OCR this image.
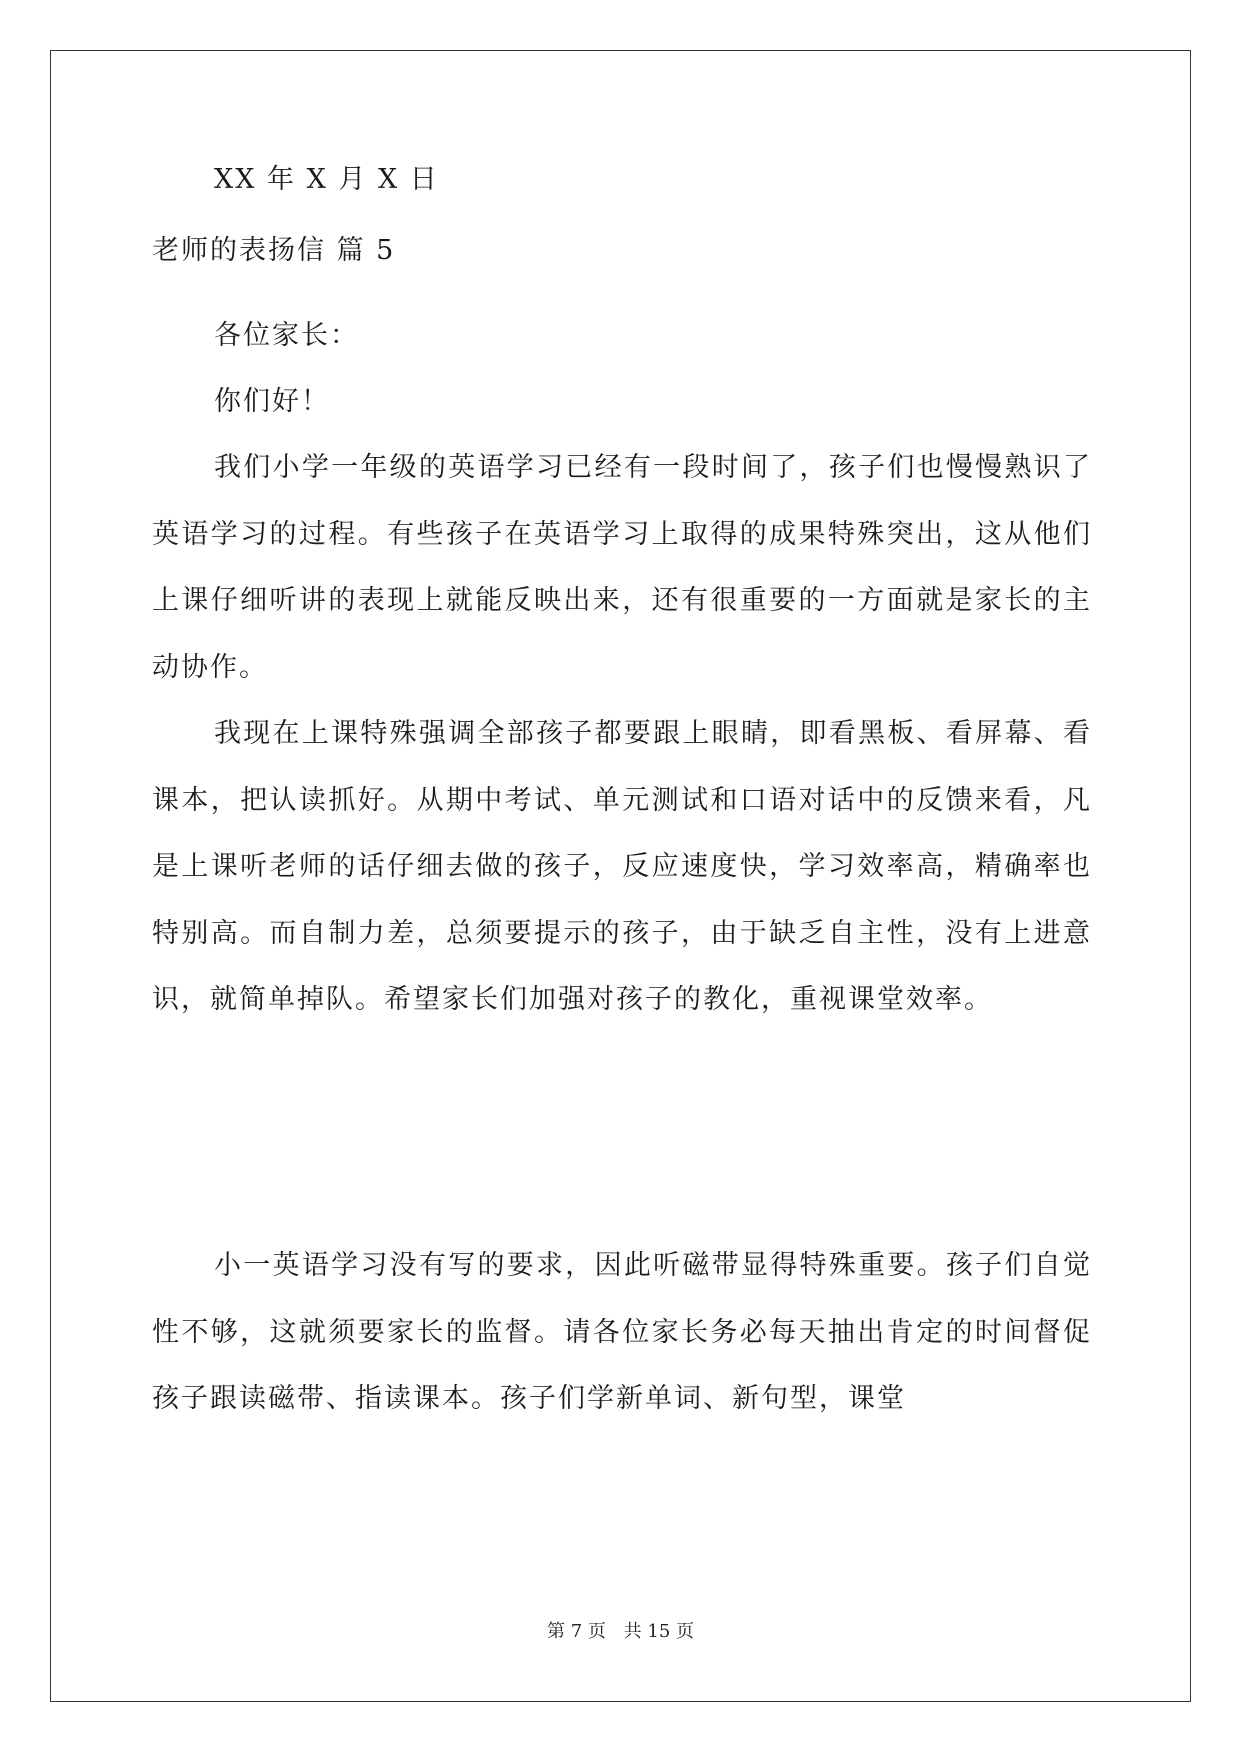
XX 年 X 月 X 日
老师的表扬信 篇 5
各位家长：
你们好！
我们小学一年级的英语学习已经有一段时间了，孩子们也慢慢熟识了英语学习的过程。有些孩子在英语学习上取得的成果特殊突出，这从他们上课仔细听讲的表现上就能反映出来，还有很重要的一方面就是家长的主动协作。
我现在上课特殊强调全部孩子都要跟上眼睛，即看黑板、看屏幕、看课本，把认读抓好。从期中考试、单元测试和口语对话中的反馈来看，凡是上课听老师的话仔细去做的孩子，反应速度快，学习效率高，精确率也特别高。而自制力差，总须要提示的孩子，由于缺乏自主性，没有上进意识，就简单掉队。希望家长们加强对孩子的教化，重视课堂效率。
小一英语学习没有写的要求，因此听磁带显得特殊重要。孩子们自觉性不够，这就须要家长的监督。请各位家长务必每天抽出肯定的时间督促孩子跟读磁带、指读课本。孩子们学新单词、新句型，课堂
第 7 页 共 15 页
